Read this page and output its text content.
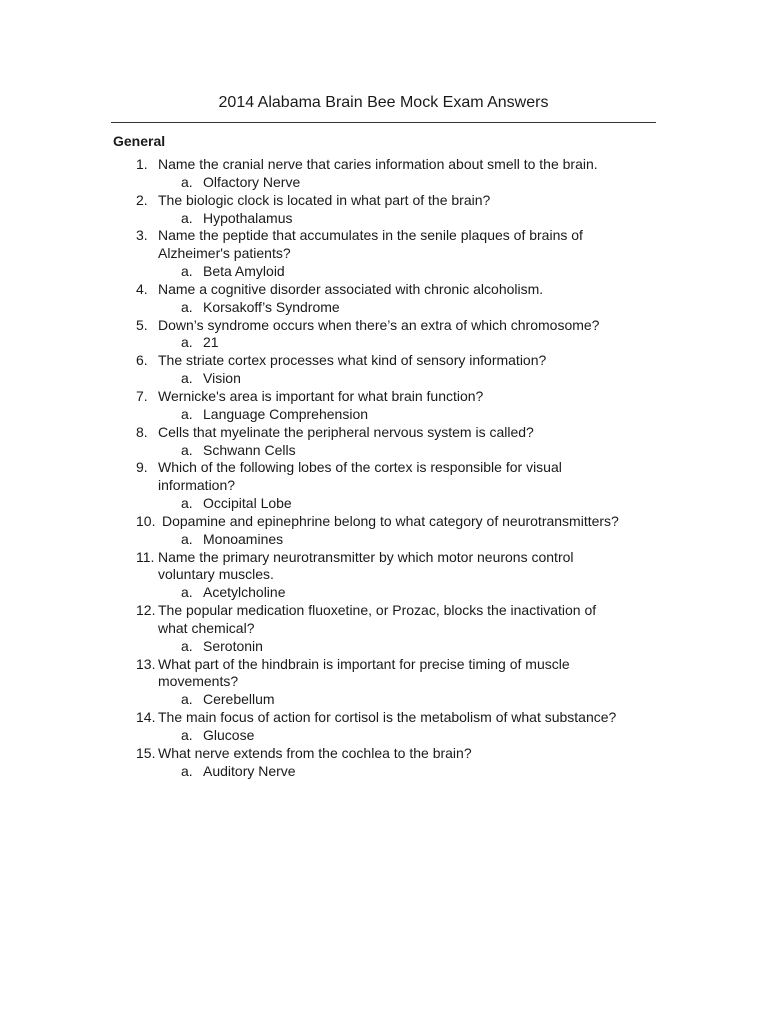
2014 Alabama Brain Bee Mock Exam Answers
General
1. Name the cranial nerve that caries information about smell to the brain.
a. Olfactory Nerve
2. The biologic clock is located in what part of the brain?
a. Hypothalamus
3. Name the peptide that accumulates in the senile plaques of brains of
Alzheimer's patients?
a. Beta Amyloid
4. Name a cognitive disorder associated with chronic alcoholism.
a. Korsakoff’s Syndrome
5. Down’s syndrome occurs when there’s an extra of which chromosome?
a. 21
6. The striate cortex processes what kind of sensory information?
a. Vision
7. Wernicke's area is important for what brain function?
a. Language Comprehension
8. Cells that myelinate the peripheral nervous system is called?
a. Schwann Cells
9. Which of the following lobes of the cortex is responsible for visual
information?
a. Occipital Lobe
10. Dopamine and epinephrine belong to what category of neurotransmitters?
a. Monoamines
11. Name the primary neurotransmitter by which motor neurons control
voluntary muscles.
a. Acetylcholine
12. The popular medication fluoxetine, or Prozac, blocks the inactivation of
what chemical?
a. Serotonin
13. What part of the hindbrain is important for precise timing of muscle
movements?
a. Cerebellum
14. The main focus of action for cortisol is the metabolism of what substance?
a. Glucose
15. What nerve extends from the cochlea to the brain?
a. Auditory Nerve
